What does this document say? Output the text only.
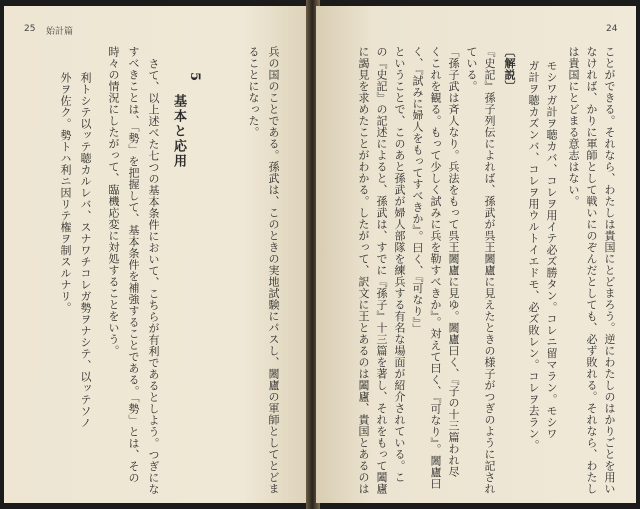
25 始計篇
兵の国のことである。孫武は、このときの実地試験にパスし、闔廬の軍師としてとどま
ることになった。
5
基本と応用
さて、以上述べた七つの基本条件において、こちらが有利であるとしよう。つぎにな
すべきことは、「勢」を把握して、基本条件を補強することである。「勢」とは、その
時々の情況にしたがって、臨機応変に対処することをいう。
利トシテ以ッテ聴カルレバ、スナワチコレガ勢ヲナシテ、以ッテソノ
外ヲ佐ク。勢トハ利ニ因リテ権ヲ制スルナリ。
24
ことができる。それなら、わたしは貴国にとどまろう。逆にわたしのはかりごとを用い
なければ、かりに軍師として戦いにのぞんだとしても、必ず敗れる。それなら、わたし
は貴国にとどまる意志はない。
モシワガ計ヲ聴カバ、コレヲ用イテ必ズ勝タン。コレニ留マラン。モシワ
ガ計ヲ聴カズンバ、コレヲ用ウルトイエドモ、必ズ敗レン。コレヲ去ラン。
〔解説〕
『史記』孫子列伝によれば、孫武が呉王闔廬に見えたときの様子がつぎのように記され
ている。
「孫子武は斉人なり。兵法をもって呉王闔廬に見ゆ。闔廬曰く、『子の十三篇われ尽
くこれを観る。もって少しく試みに兵を勒すべきか』。対えて曰く、『可なり』。闔廬曰
く、『試みに婦人をもってすべきか』。曰く、『可なり』」
ということで、このあと孫武が婦人部隊を練兵する有名な場面が紹介されている。こ
の『史記』の記述によると、孫武は、すでに『孫子』十三篇を著し、それをもって闔廬
に謁見を求めたことがわかる。したがって、訳文に王とあるのは闔廬、貴国とあるのは
